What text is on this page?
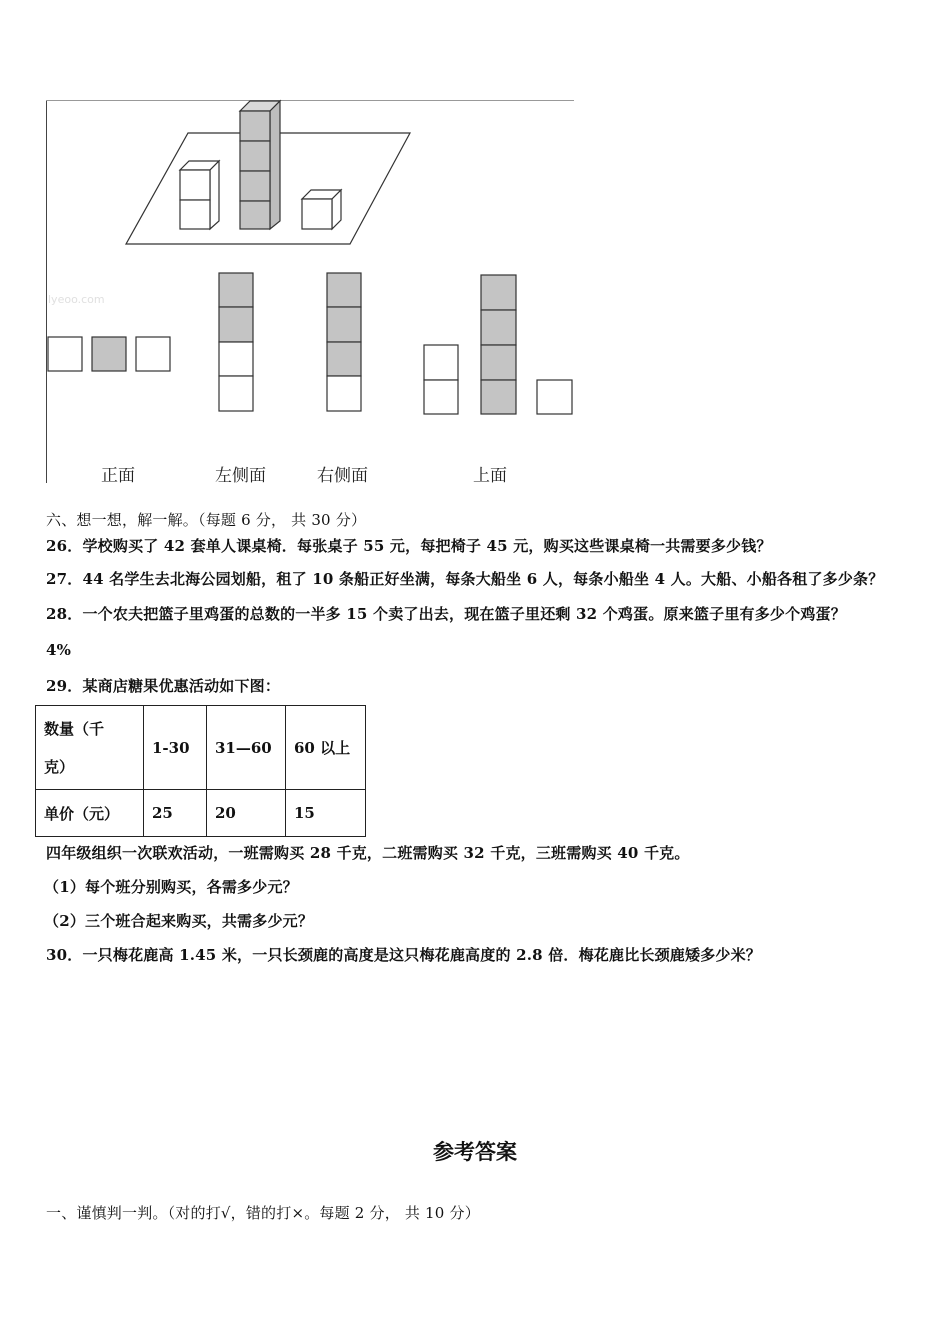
lyeoo.com
正面	左侧面	右侧面	上面
六、想一想，解一解。（每题 6 分， 共 30 分）
26．学校购买了 42 套单人课桌椅．每张桌子 55 元，每把椅子 45 元，购买这些课桌椅一共需要多少钱？
27．44 名学生去北海公园划船，租了 10 条船正好坐满，每条大船坐 6 人，每条小船坐 4 人。大船、小船各租了多少条？
28．一个农夫把篮子里鸡蛋的总数的一半多 15 个卖了出去，现在篮子里还剩 32 个鸡蛋。原来篮子里有多少个鸡蛋？
4%
29．某商店糖果优惠活动如下图：
数量（千
克）	1-30	31—60	60 以上
单价（元）	25	20	15
四年级组织一次联欢活动，一班需购买 28 千克，二班需购买 32 千克，三班需购买 40 千克。
（1）每个班分别购买，各需多少元？
（2）三个班合起来购买，共需多少元？
30．一只梅花鹿高 1.45 米，一只长颈鹿的高度是这只梅花鹿高度的 2.8 倍．梅花鹿比长颈鹿矮多少米？
参考答案
一、谨慎判一判。（对的打√，错的打×。每题 2 分， 共 10 分）
